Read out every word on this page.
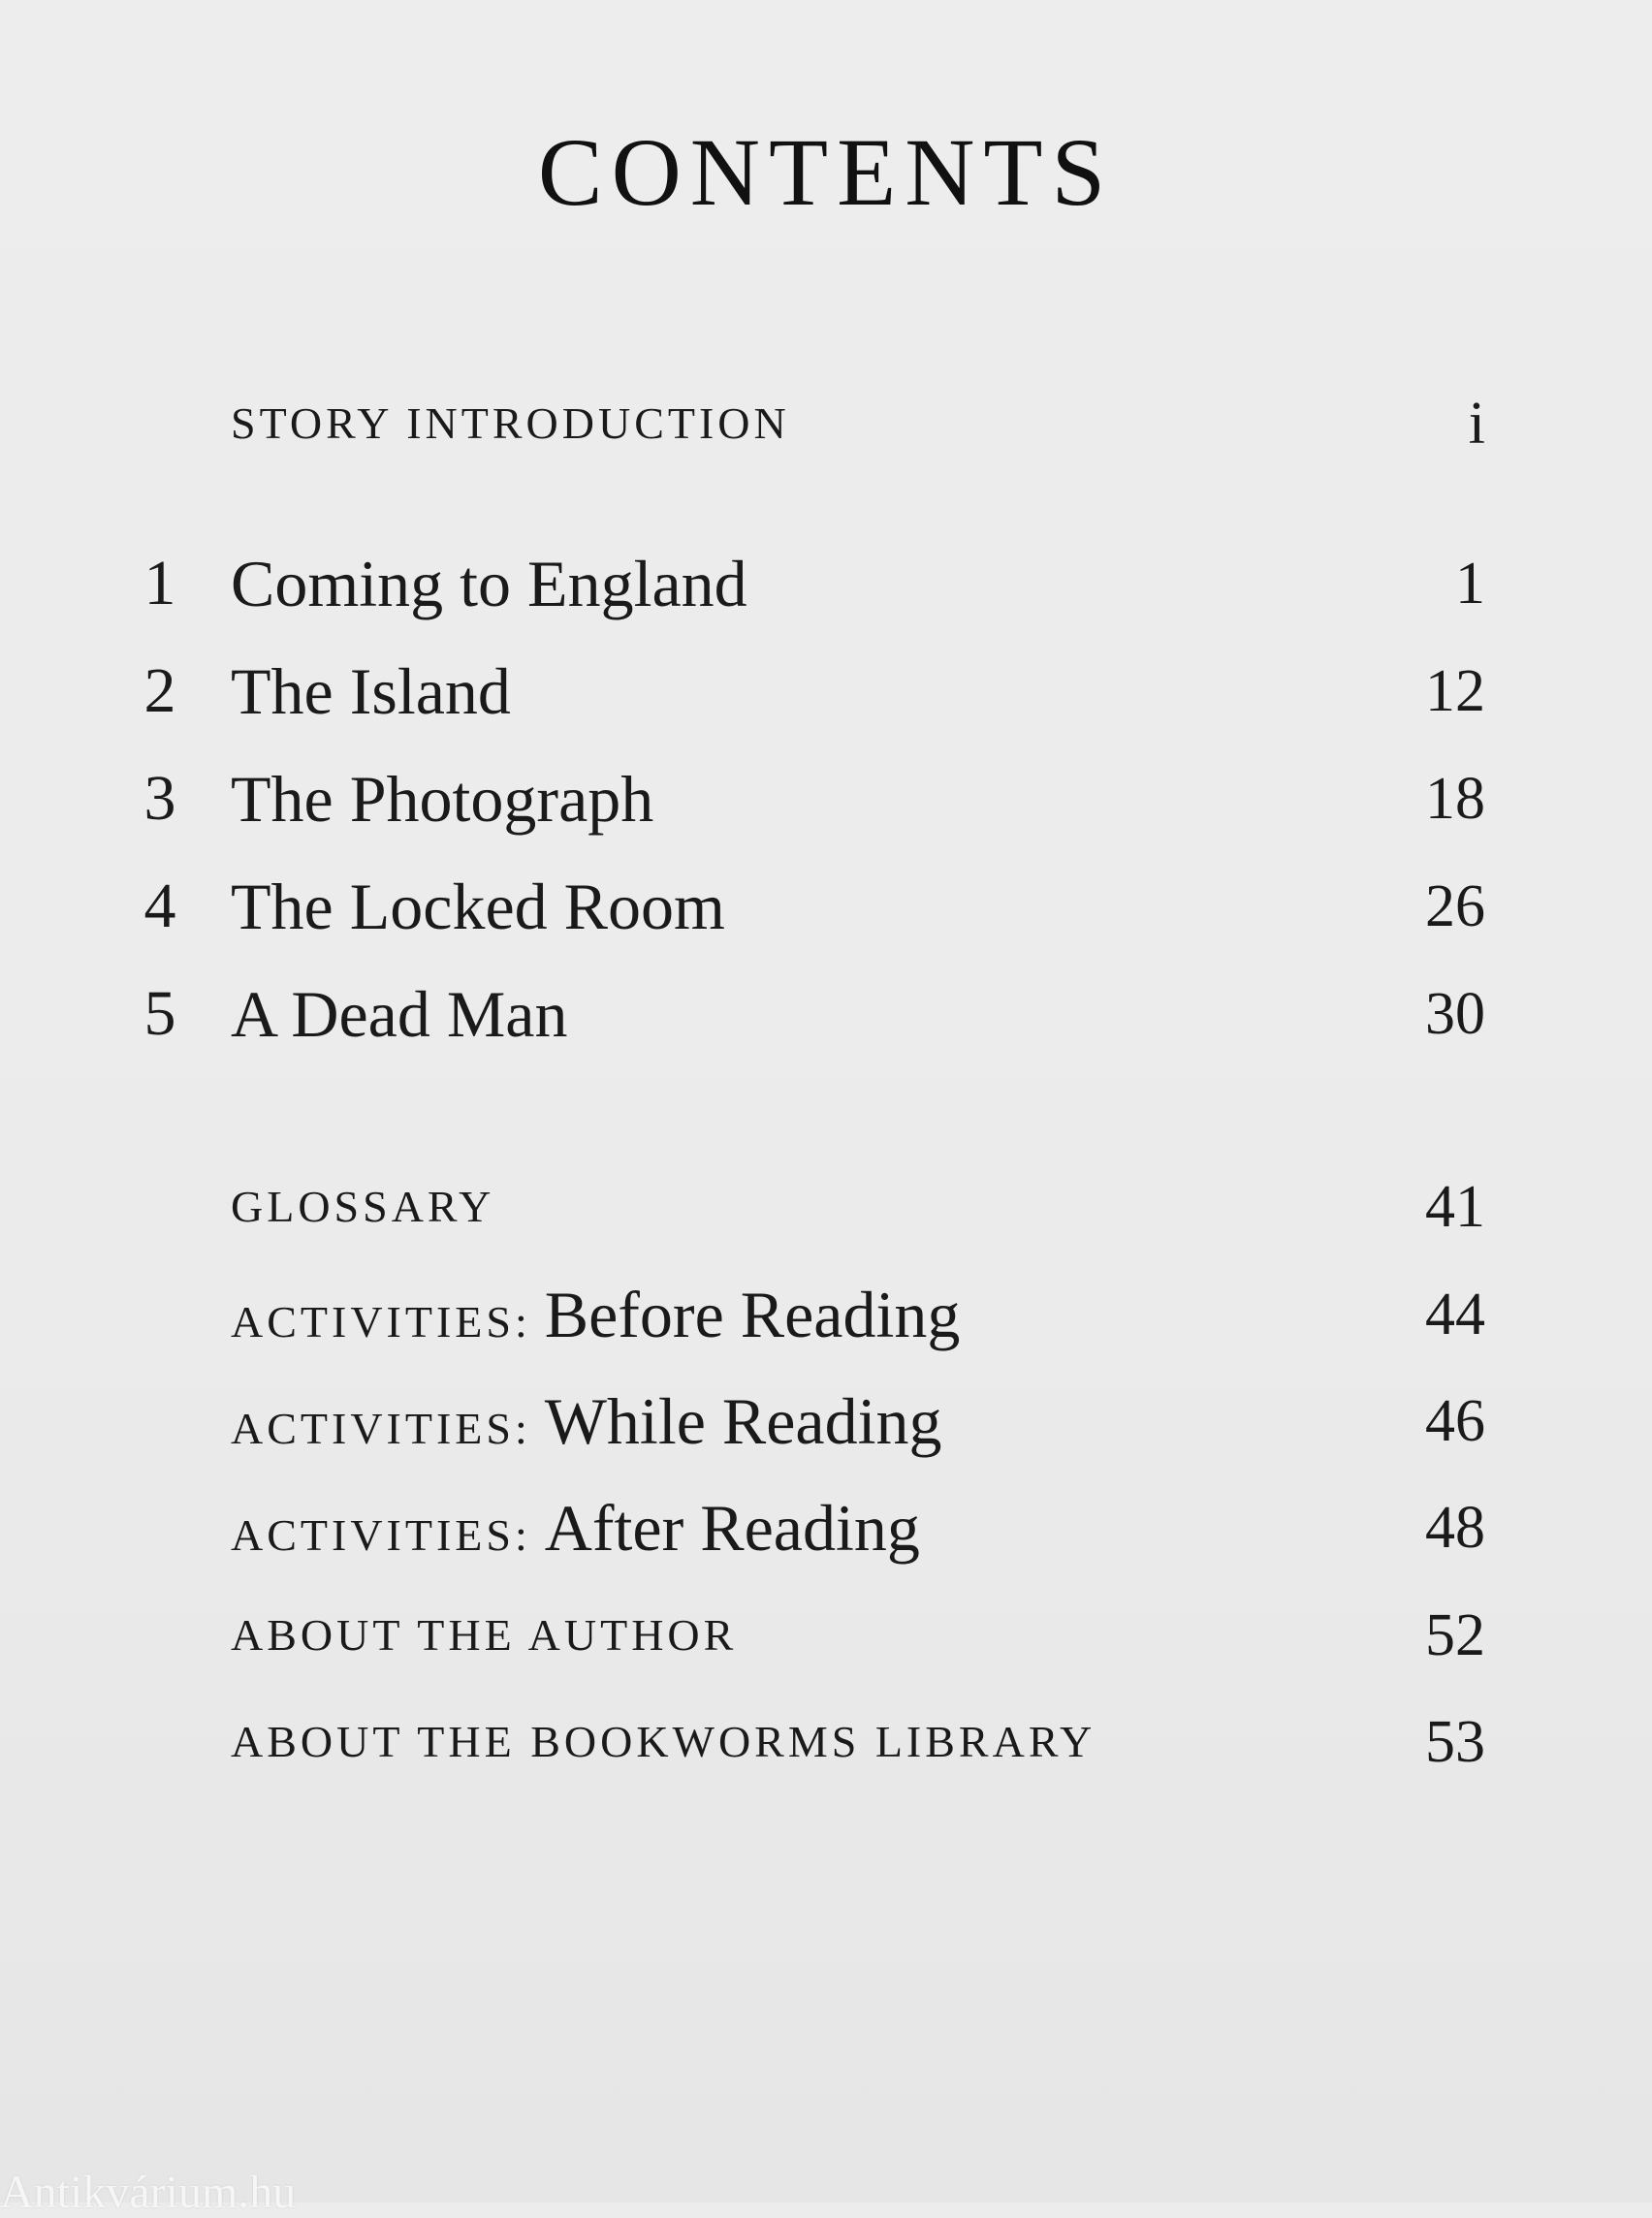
CONTENTS
STORY INTRODUCTION	i
1 Coming to England	1
2 The Island	12
3 The Photograph	18
4 The Locked Room	26
5 A Dead Man	30
GLOSSARY	41
ACTIVITIES: Before Reading	44
ACTIVITIES: While Reading	46
ACTIVITIES: After Reading	48
ABOUT THE AUTHOR	52
ABOUT THE BOOKWORMS LIBRARY	53
Antikvárium.hu
